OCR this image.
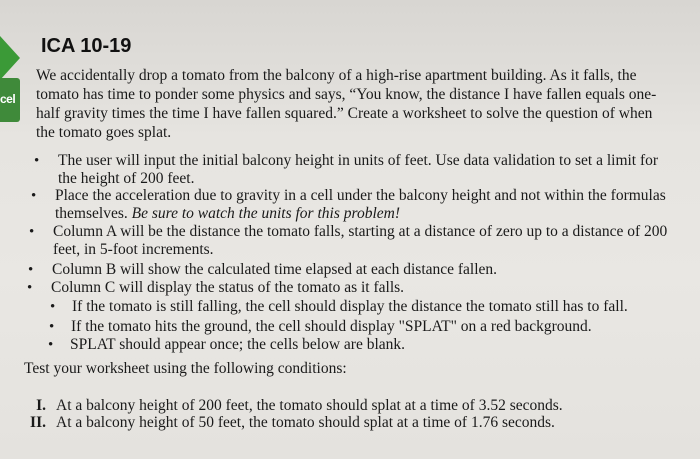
cel
ICA 10-19

We accidentally drop a tomato from the balcony of a high-rise apartment building. As it falls, the tomato has time to ponder some physics and says, “You know, the distance I have fallen equals one-half gravity times the time I have fallen squared.” Create a worksheet to solve the question of when the tomato goes splat.

• The user will input the initial balcony height in units of feet. Use data validation to set a limit for the height of 200 feet.

• Place the acceleration due to gravity in a cell under the balcony height and not within the formulas themselves. Be sure to watch the units for this problem!

• Column A will be the distance the tomato falls, starting at a distance of zero up to a distance of 200 feet, in 5-foot increments.

• Column B will show the calculated time elapsed at each distance fallen.

• Column C will display the status of the tomato as it falls.

• If the tomato is still falling, the cell should display the distance the tomato still has to fall.

• If the tomato hits the ground, the cell should display "SPLAT" on a red background.

• SPLAT should appear once; the cells below are blank.

Test your worksheet using the following conditions:

I. At a balcony height of 200 feet, the tomato should splat at a time of 3.52 seconds.

II. At a balcony height of 50 feet, the tomato should splat at a time of 1.76 seconds.
